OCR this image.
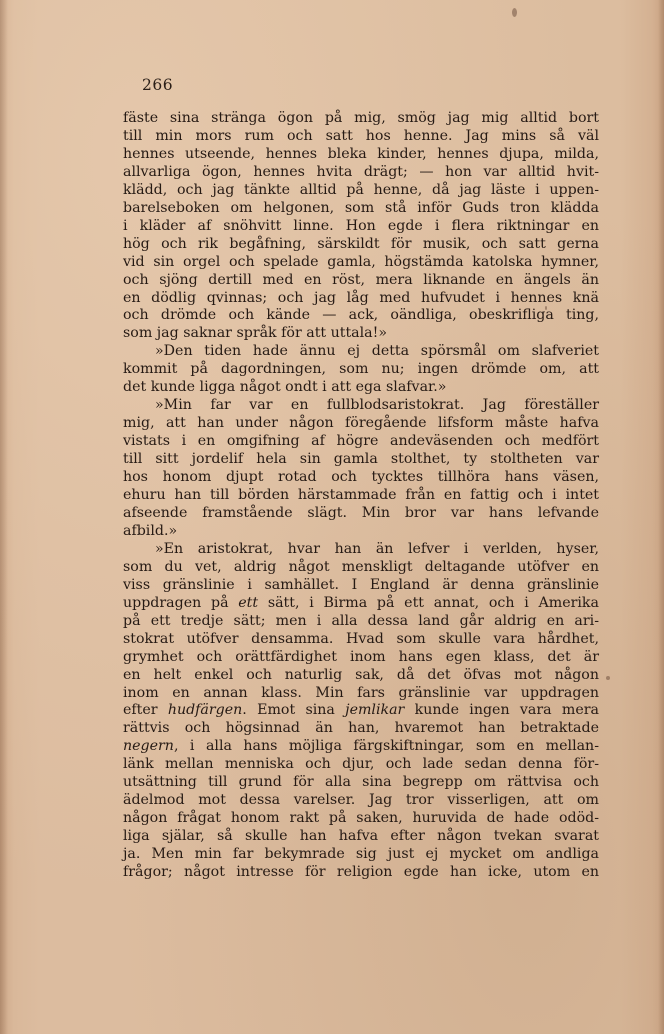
266
fäste sina stränga ögon på mig, smög jag mig alltid bort
till min mors rum och satt hos henne. Jag mins så väl
hennes utseende, hennes bleka kinder, hennes djupa, milda,
allvarliga ögon, hennes hvita drägt; — hon var alltid hvit-
klädd, och jag tänkte alltid på henne, då jag läste i uppen-
barelseboken om helgonen, som stå inför Guds tron klädda
i kläder af snöhvitt linne. Hon egde i flera riktningar en
hög och rik begåfning, särskildt för musik, och satt gerna
vid sin orgel och spelade gamla, högstämda katolska hymner,
och sjöng dertill med en röst, mera liknande en ängels än
en dödlig qvinnas; och jag låg med hufvudet i hennes knä
och drömde och kände — ack, oändliga, obeskrifliga ting,
som jag saknar språk för att uttala!»
»Den tiden hade ännu ej detta spörsmål om slafveriet
kommit på dagordningen, som nu; ingen drömde om, att
det kunde ligga något ondt i att ega slafvar.»
»Min far var en fullblodsaristokrat. Jag föreställer
mig, att han under någon föregående lifsform måste hafva
vistats i en omgifning af högre andeväsenden och medfört
till sitt jordelif hela sin gamla stolthet, ty stoltheten var
hos honom djupt rotad och tycktes tillhöra hans väsen,
ehuru han till börden härstammade från en fattig och i intet
afseende framstående slägt. Min bror var hans lefvande
afbild.»
»En aristokrat, hvar han än lefver i verlden, hyser,
som du vet, aldrig något menskligt deltagande utöfver en
viss gränslinie i samhället. I England är denna gränslinie
uppdragen på ett sätt, i Birma på ett annat, och i Amerika
på ett tredje sätt; men i alla dessa land går aldrig en ari-
stokrat utöfver densamma. Hvad som skulle vara hårdhet,
grymhet och orättfärdighet inom hans egen klass, det är
en helt enkel och naturlig sak, då det öfvas mot någon
inom en annan klass. Min fars gränslinie var uppdragen
efter hudfärgen. Emot sina jemlikar kunde ingen vara mera
rättvis och högsinnad än han, hvaremot han betraktade
negern, i alla hans möjliga färgskiftningar, som en mellan-
länk mellan menniska och djur, och lade sedan denna för-
utsättning till grund för alla sina begrepp om rättvisa och
ädelmod mot dessa varelser. Jag tror visserligen, att om
någon frågat honom rakt på saken, huruvida de hade odöd-
liga själar, så skulle han hafva efter någon tvekan svarat
ja. Men min far bekymrade sig just ej mycket om andliga
frågor; något intresse för religion egde han icke, utom en
